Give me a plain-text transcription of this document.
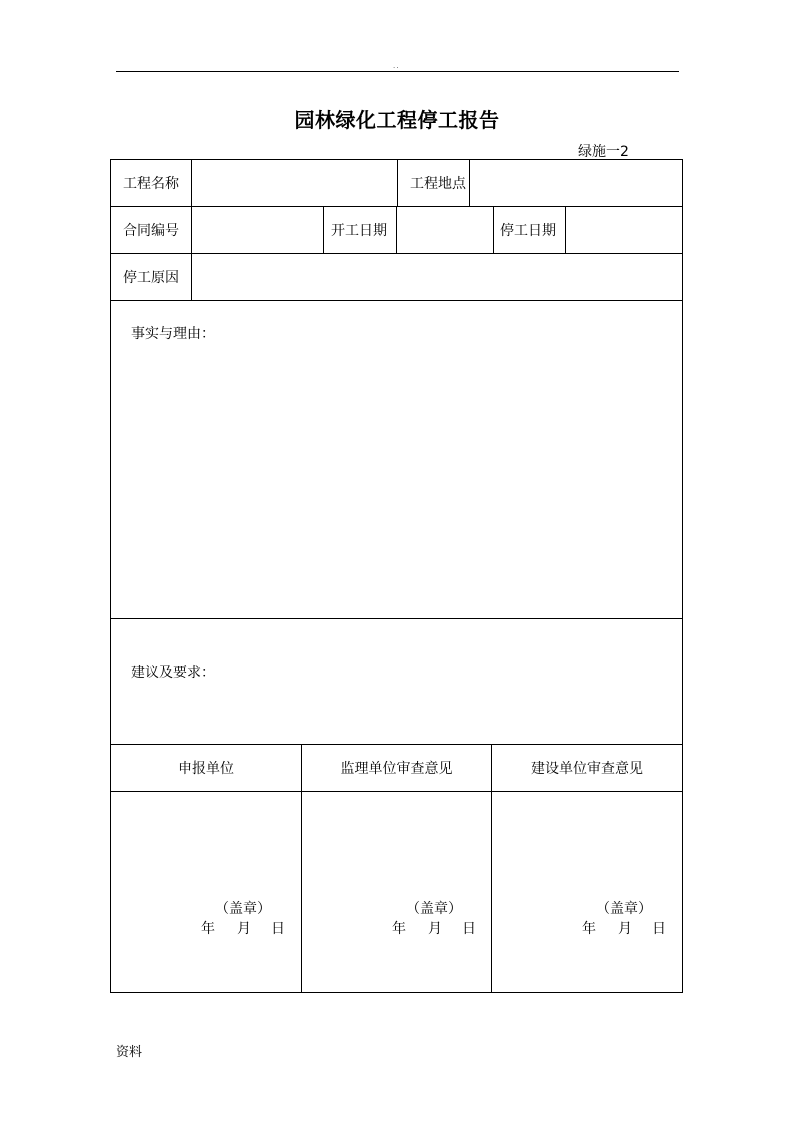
..
园林绿化工程停工报告
绿施一2
工程名称	工程地点
合同编号	开工日期	停工日期
停工原因
事实与理由：
建议及要求：
申报单位	监理单位审查意见	建设单位审查意见
（盖章）
年 月 日
（盖章）
年 月 日
（盖章）
年 月 日
资料
